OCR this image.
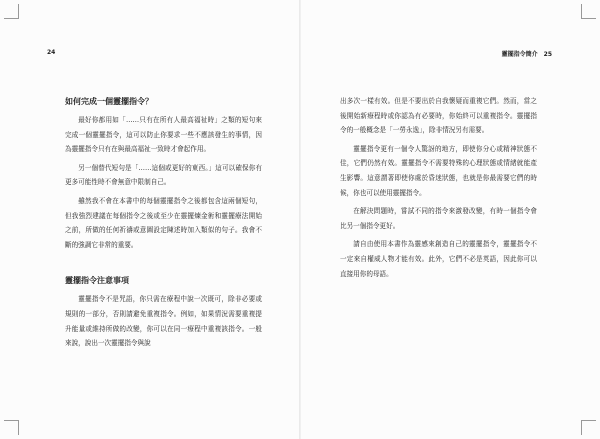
24
如何完成一個靈擺指令？

最好你都用如「……只有在所有人最高福祉時」之類的短句來完成一個靈擺指令，這可以防止你要求一些不應該發生的事情，因為靈擺指令只有在與最高福祉一致時才會起作用。

另一個替代短句是「……這個或更好的東西。」這可以確保你有更多可能性時不會無意中限制自己。

雖然我不會在本書中的每個靈擺指令之後都包含這兩個短句，但我強烈建議在每個指令之後或至少在靈擺煉金術和靈擺療法開始之前，所做的任何祈禱或意圖設定陳述時加入類似的句子。我會不斷的強調它非常的重要。

靈擺指令注意事項

靈擺指令不是咒語，你只需在療程中說一次既可，除非必要或規則的一部分，否則請避免重複指令。例如，如果情況需要重複提升能量或維持所做的改變，你可以在同一療程中重複該指令。一般來說，說出一次靈擺指令與說

靈擺指令簡介 25

出多次一樣有效。但是不要出於自我懷疑而重複它們。然而，當之後開始新療程時或你認為有必要時，你始終可以重複指令。靈擺指令的一般概念是「一勞永逸」，除非情況另有需要。

靈擺指令更有一個令人驚訝的地方，即使你分心或精神狀態不佳，它們仍然有效。靈擺指令不需要特殊的心理狀態或情緒就能產生影響。這意謂著即使你處於昏迷狀態，也就是你最需要它們的時候，你也可以使用靈擺指令。

在解決問題時，嘗試不同的指令來激發改變，有時一個指令會比另一個指令更好。

請自由使用本書作為靈感來創造自己的靈擺指令，靈擺指令不一定來自權威人物才能有效。此外，它們不必是英語，因此你可以直接用你的母語。
